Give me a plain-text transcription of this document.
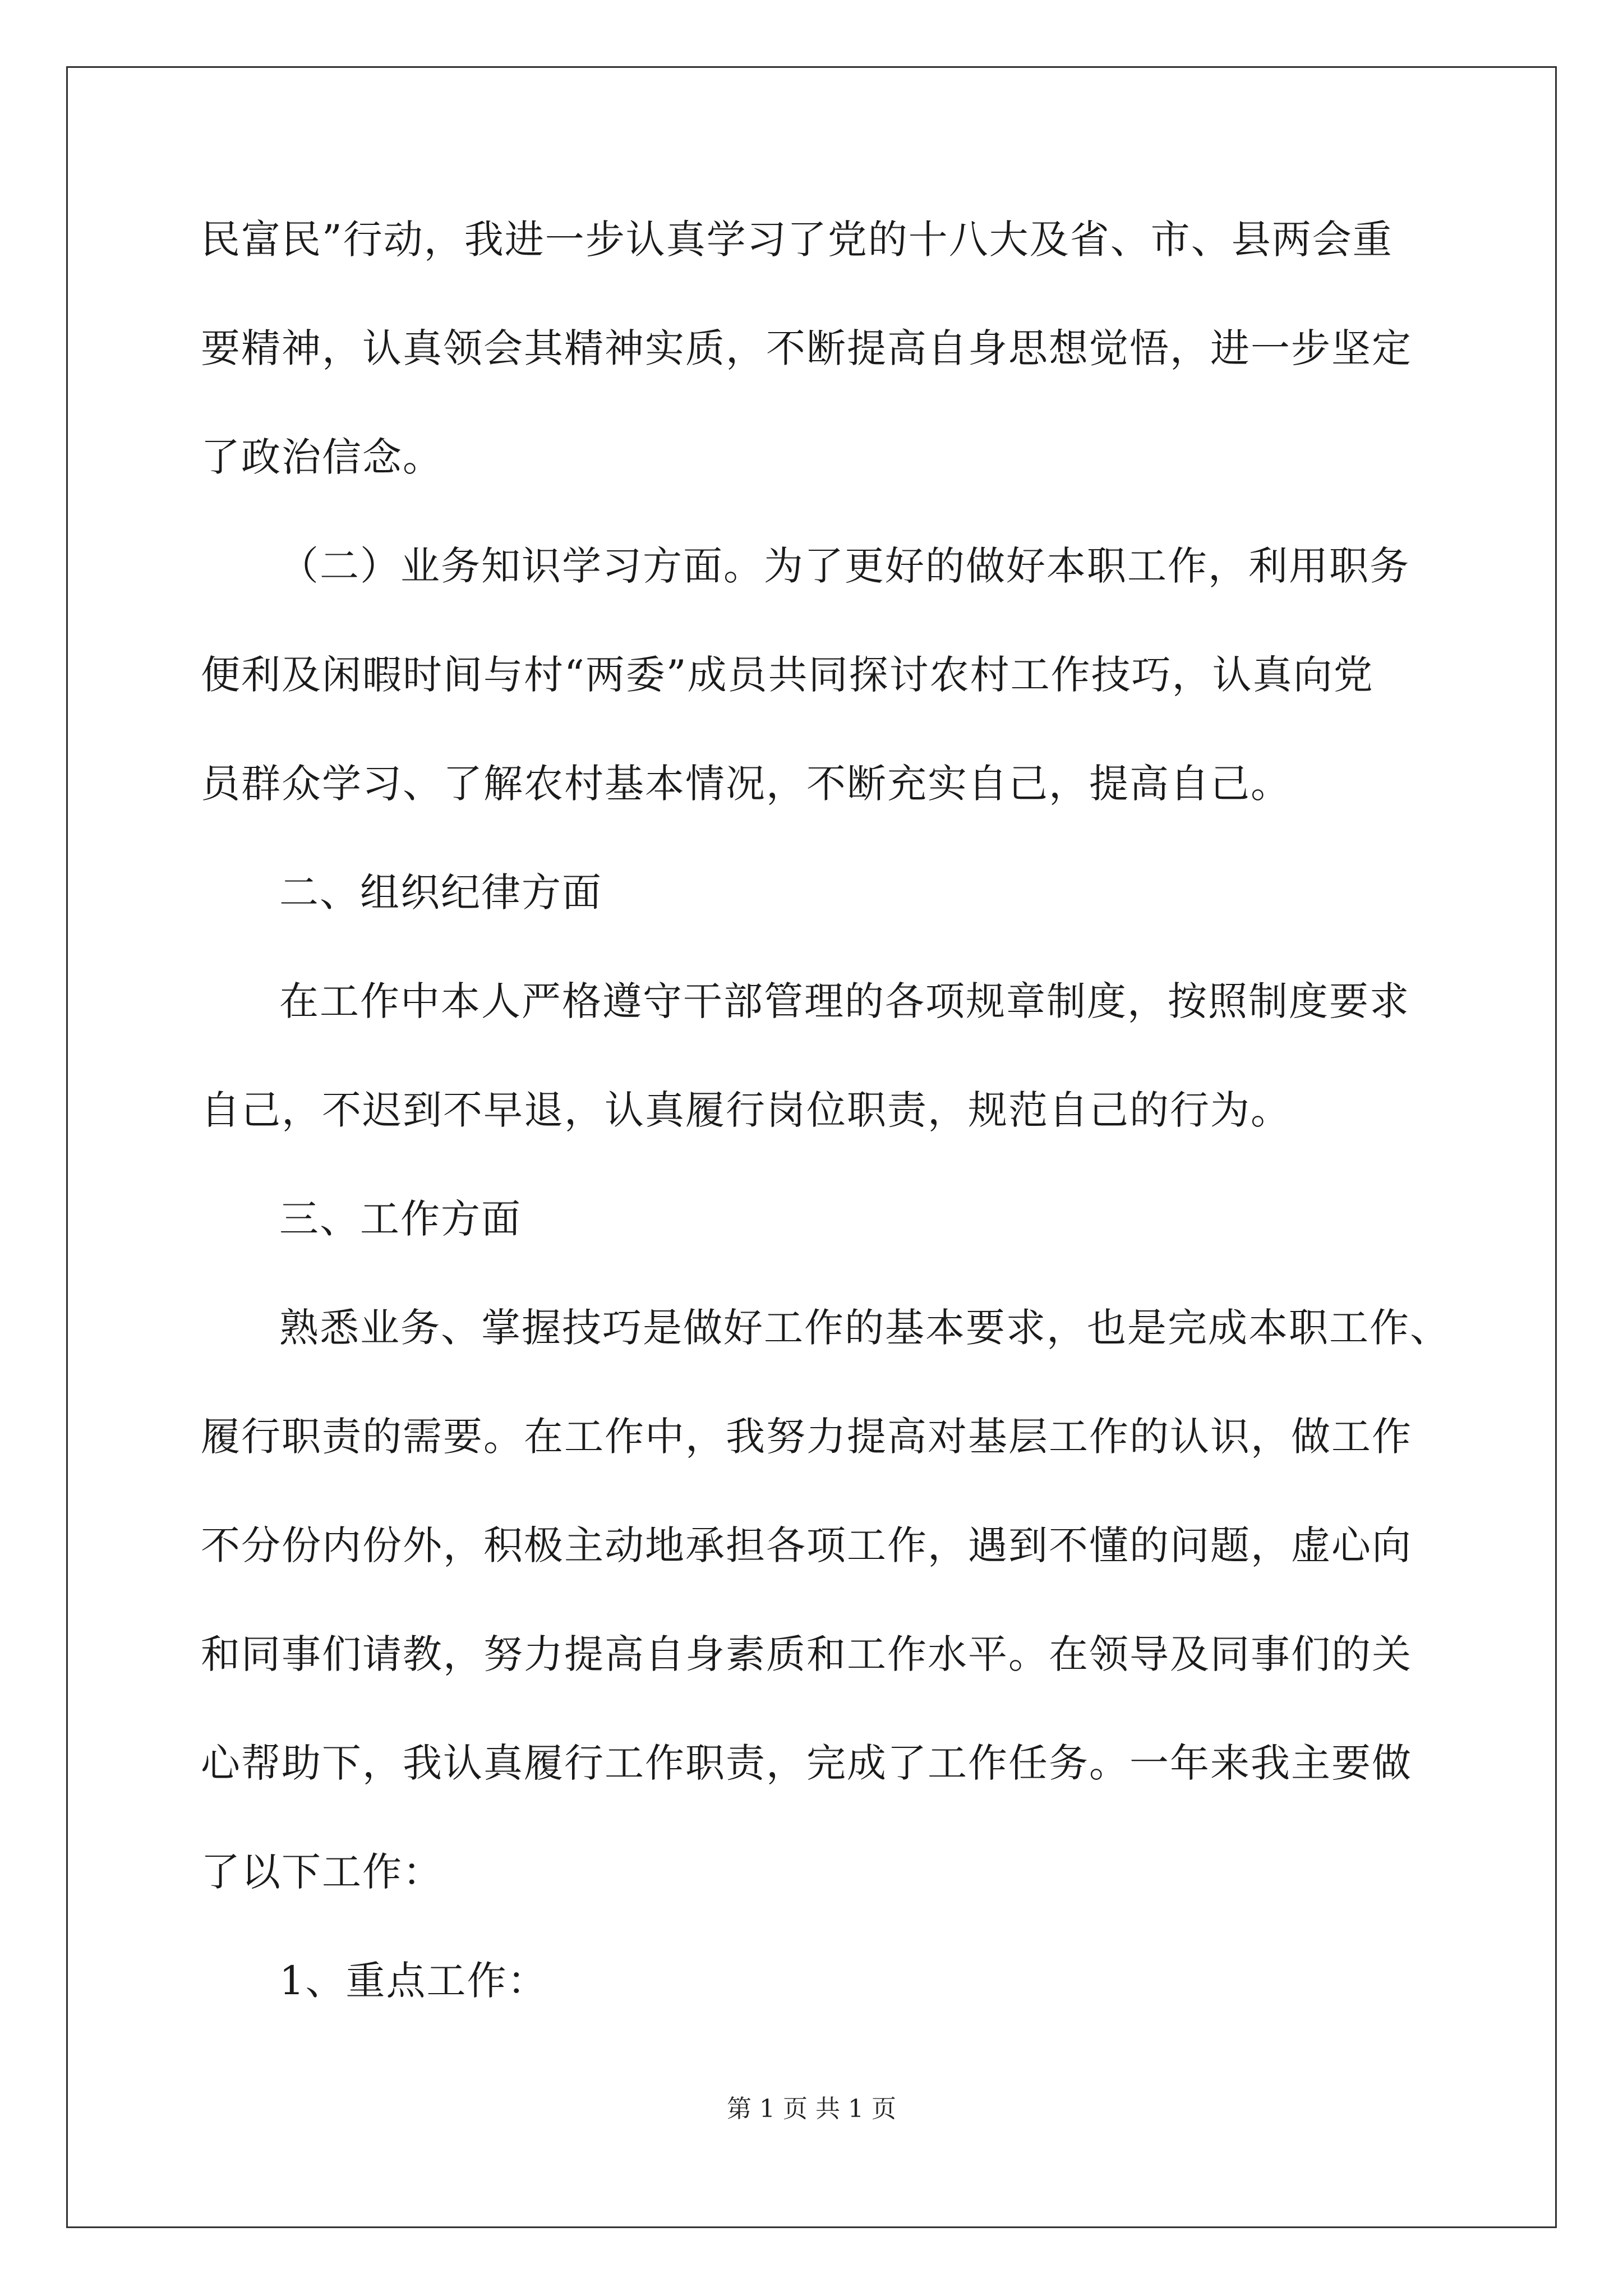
民富民”行动，我进一步认真学习了党的十八大及省、市、县两会重
要精神，认真领会其精神实质，不断提高自身思想觉悟，进一步坚定
了政治信念。
（二）业务知识学习方面。为了更好的做好本职工作，利用职务
便利及闲暇时间与村“两委”成员共同探讨农村工作技巧，认真向党
员群众学习、了解农村基本情况，不断充实自己，提高自己。
二、组织纪律方面
在工作中本人严格遵守干部管理的各项规章制度，按照制度要求
自己，不迟到不早退，认真履行岗位职责，规范自己的行为。
三、工作方面
熟悉业务、掌握技巧是做好工作的基本要求，也是完成本职工作、
履行职责的需要。在工作中，我努力提高对基层工作的认识，做工作
不分份内份外，积极主动地承担各项工作，遇到不懂的问题，虚心向
和同事们请教，努力提高自身素质和工作水平。在领导及同事们的关
心帮助下，我认真履行工作职责，完成了工作任务。一年来我主要做
了以下工作：
1、重点工作：
第 1 页 共 1 页
